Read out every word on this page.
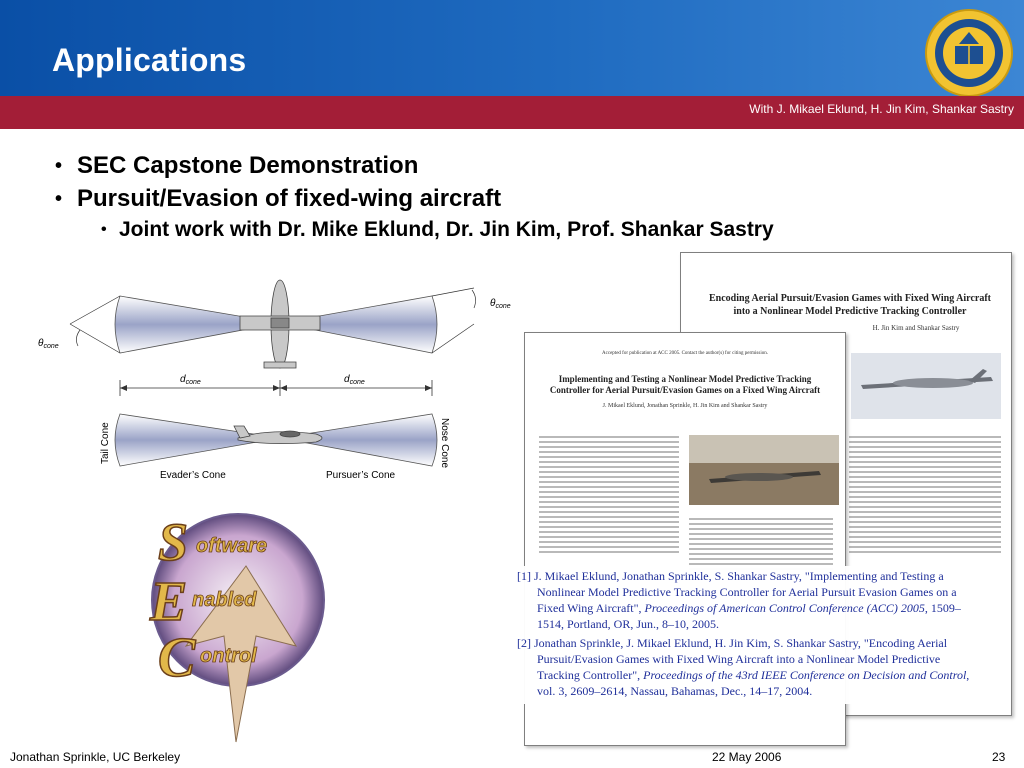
Applications
With J. Mikael Eklund, H. Jin Kim, Shankar Sastry
• SEC Capstone Demonstration
• Pursuit/Evasion of fixed-wing aircraft
• Joint work with Dr. Mike Eklund, Dr. Jin Kim, Prof. Shankar Sastry
$\theta_{cone}$
$\theta_{cone}$
$d_{cone}$	$d_{cone}$
Tail Cone	Nose Cone
Evader’s Cone	Pursuer’s Cone
Encoding Aerial Pursuit/Evasion Games with Fixed Wing Aircraft into a Nonlinear Model Predictive Tracking Controller
H. Jin Kim and Shankar Sastry
Accepted for publication at ACC 2005. Contact the author(s) for citing permission.
Implementing and Testing a Nonlinear Model Predictive Tracking Controller for Aerial Pursuit/Evasion Games on a Fixed Wing Aircraft
J. Mikael Eklund, Jonathan Sprinkle, H. Jin Kim and Shankar Sastry
[1] J. Mikael Eklund, Jonathan Sprinkle, S. Shankar Sastry, "Implementing and Testing a Nonlinear Model Predictive Tracking Controller for Aerial Pursuit Evasion Games on a Fixed Wing Aircraft", Proceedings of American Control Conference (ACC) 2005, 1509–1514, Portland, OR, Jun., 8–10, 2005.
[2] Jonathan Sprinkle, J. Mikael Eklund, H. Jin Kim, S. Shankar Sastry, "Encoding Aerial Pursuit/Evasion Games with Fixed Wing Aircraft into a Nonlinear Model Predictive Tracking Controller", Proceedings of the 43rd IEEE Conference on Decision and Control, vol. 3, 2609–2614, Nassau, Bahamas, Dec., 14–17, 2004.
S oftware
E nabled
C ontrol
Jonathan Sprinkle, UC Berkeley	22 May 2006	23
